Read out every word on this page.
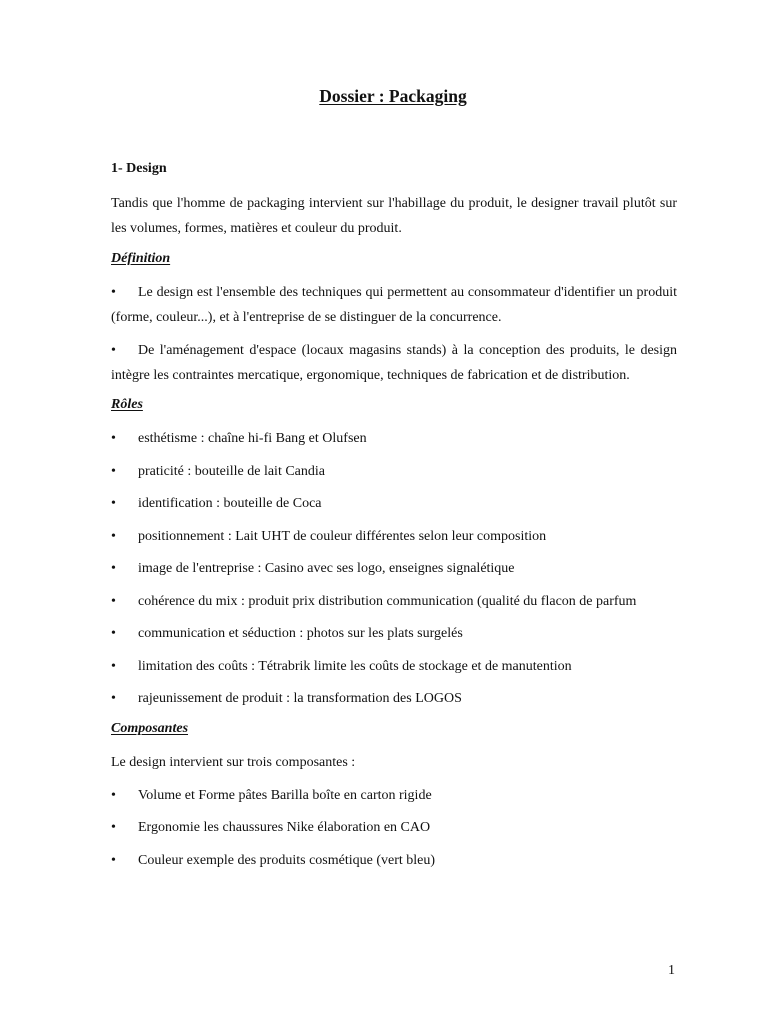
Dossier : Packaging
1- Design

Tandis que l'homme de packaging intervient sur l'habillage du produit, le designer travail plutôt sur les volumes, formes, matières et couleur du produit.

Définition
• Le design est l'ensemble des techniques qui permettent au consommateur d'identifier un produit (forme, couleur...), et à l'entreprise de se distinguer de la concurrence.
• De l'aménagement d'espace (locaux magasins stands) à la conception des produits, le design intègre les contraintes mercatique, ergonomique, techniques de fabrication et de distribution.
Rôles
• esthétisme : chaîne hi-fi Bang et Olufsen
• praticité : bouteille de lait Candia
• identification : bouteille de Coca
• positionnement : Lait UHT de couleur différentes selon leur composition
• image de l'entreprise : Casino avec ses logo, enseignes signalétique
• cohérence du mix : produit prix distribution communication (qualité du flacon de parfum
• communication et séduction : photos sur les plats surgelés
• limitation des coûts : Tétrabrik limite les coûts de stockage et de manutention
• rajeunissement de produit : la transformation des LOGOS
Composantes

Le design intervient sur trois composantes :

• Volume et Forme pâtes Barilla boîte en carton rigide
• Ergonomie les chaussures Nike élaboration en CAO
• Couleur exemple des produits cosmétique (vert bleu)
1
